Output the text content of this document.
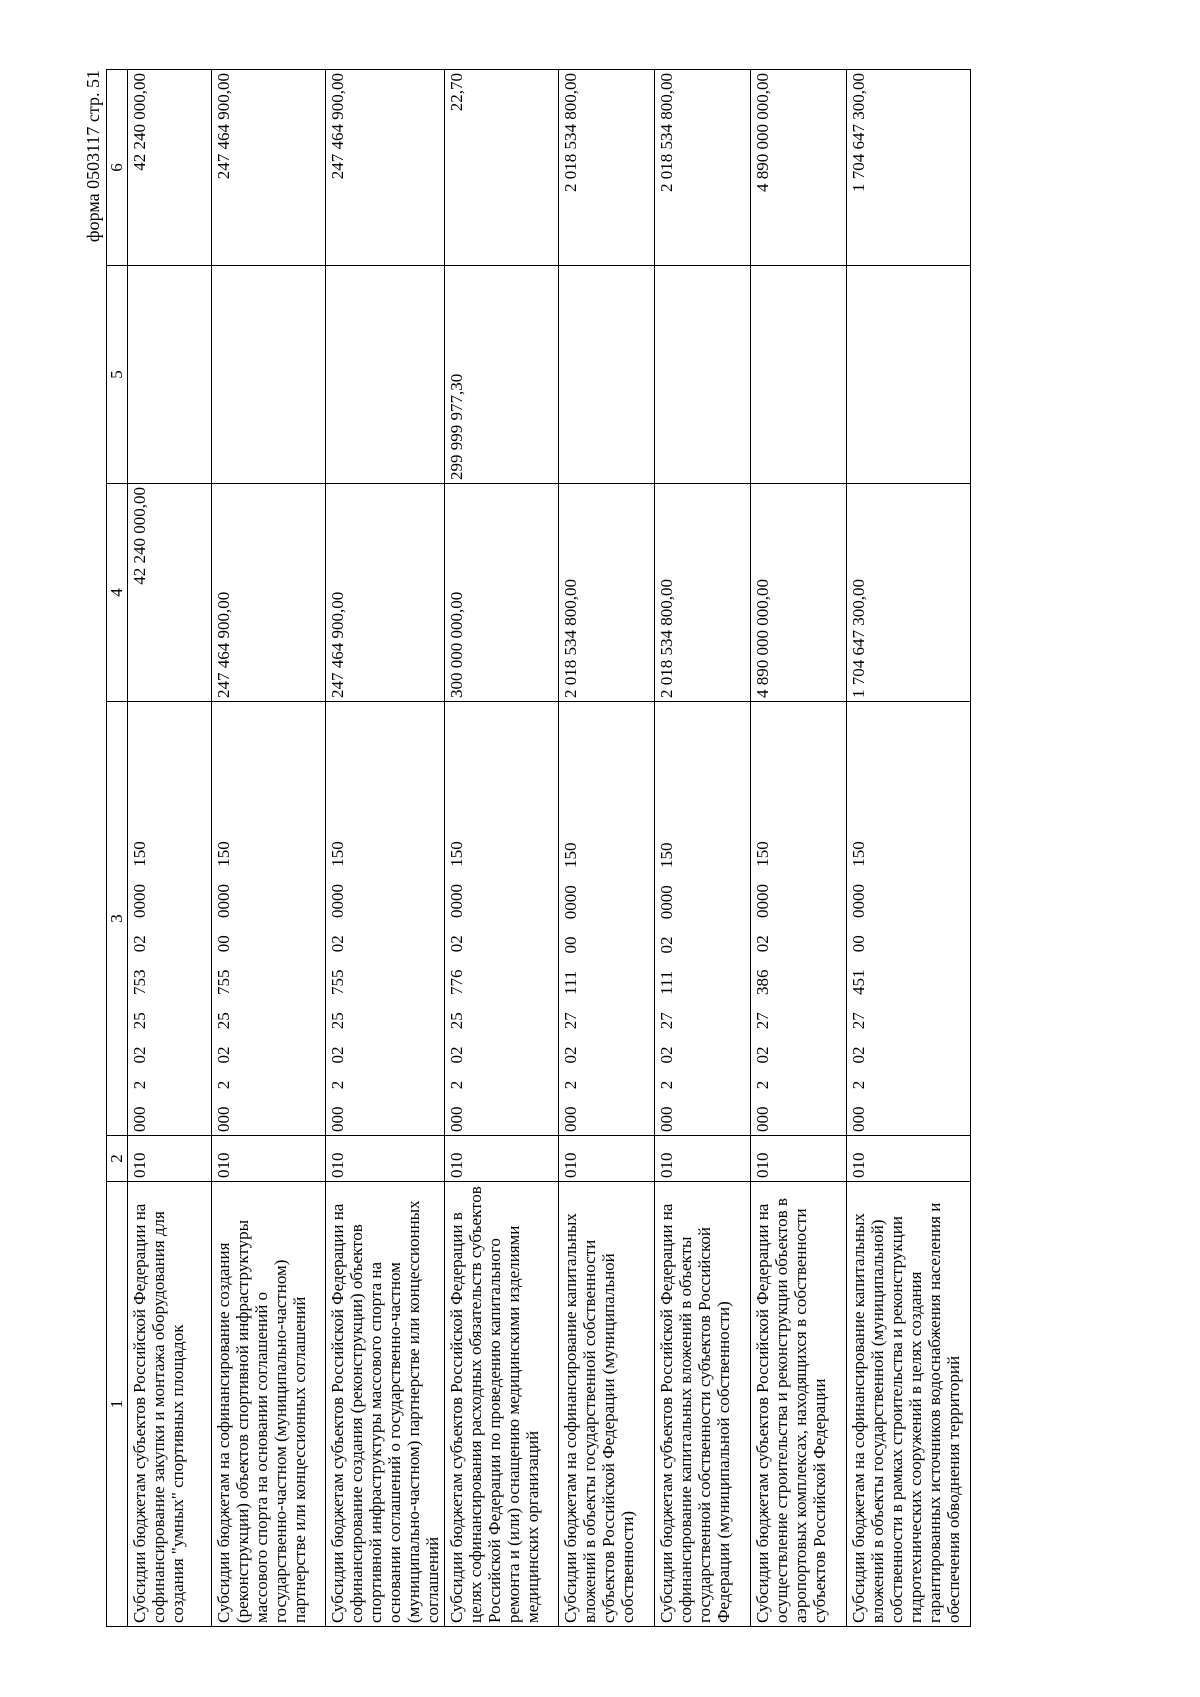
форма 0503117 стр. 51
1	2	3	4	5	6
Субсидии бюджетам субъектов Российской Федерации на софинансирование закупки и монтажа оборудования для создания "умных" спортивных площадок	010	000 2 02 25 753 02 0000 150	42 240 000,00		42 240 000,00
Субсидии бюджетам на софинансирование создания (реконструкции) объектов спортивной инфраструктуры массового спорта на основании соглашений о государственно-частном (муниципально-частном) партнерстве или концессионных соглашений	010	000 2 02 25 755 00 0000 150	247 464 900,00		247 464 900,00
Субсидии бюджетам субъектов Российской Федерации на софинансирование создания (реконструкции) объектов спортивной инфраструктуры массового спорта на основании соглашений о государственно-частном (муниципально-частном) партнерстве или концессионных соглашений	010	000 2 02 25 755 02 0000 150	247 464 900,00		247 464 900,00
Субсидии бюджетам субъектов Российской Федерации в целях софинансирования расходных обязательств субъектов Российской Федерации по проведению капитального ремонта и (или) оснащению медицинскими изделиями медицинских организаций	010	000 2 02 25 776 02 0000 150	300 000 000,00	299 999 977,30	22,70
Субсидии бюджетам на софинансирование капитальных вложений в объекты государственной собственности субъектов Российской Федерации (муниципальной собственности)	010	000 2 02 27 111 00 0000 150	2 018 534 800,00		2 018 534 800,00
Субсидии бюджетам субъектов Российской Федерации на софинансирование капитальных вложений в объекты государственной собственности субъектов Российской Федерации (муниципальной собственности)	010	000 2 02 27 111 02 0000 150	2 018 534 800,00		2 018 534 800,00
Субсидии бюджетам субъектов Российской Федерации на осуществление строительства и реконструкции объектов в аэропортовых комплексах, находящихся в собственности субъектов Российской Федерации	010	000 2 02 27 386 02 0000 150	4 890 000 000,00		4 890 000 000,00
Субсидии бюджетам на софинансирование капитальных вложений в объекты государственной (муниципальной) собственности в рамках строительства и реконструкции гидротехнических сооружений в целях создания гарантированных источников водоснабжения населения и обеспечения обводнения территорий	010	000 2 02 27 451 00 0000 150	1 704 647 300,00		1 704 647 300,00
